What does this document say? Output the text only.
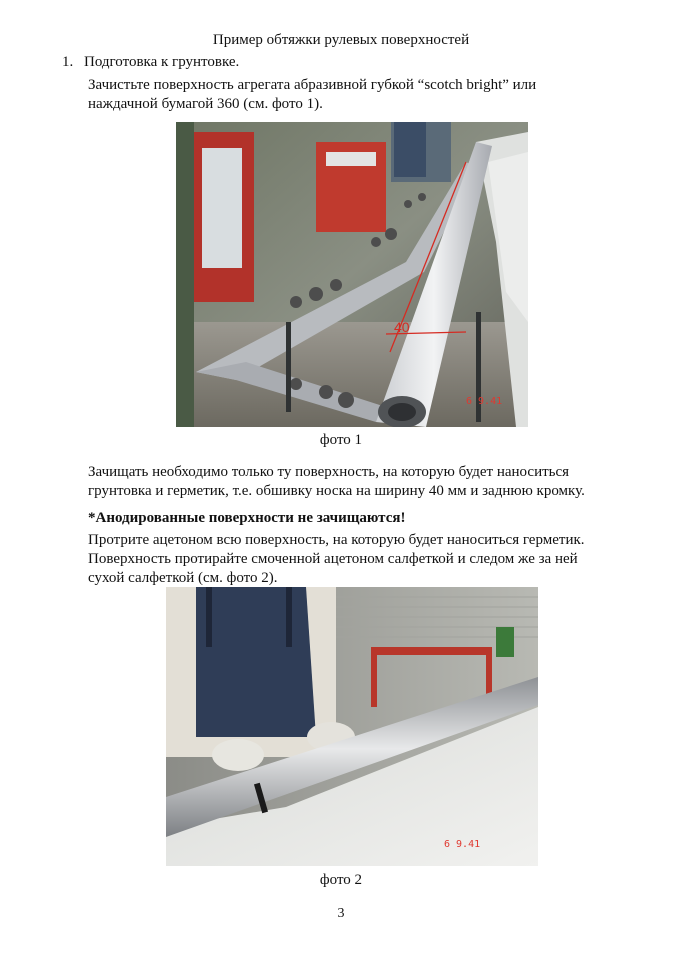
Пример обтяжки рулевых поверхностей
1. Подготовка к грунтовке.
Зачистьте поверхность агрегата абразивной губкой “scotch bright” или
наждачной бумагой 360 (см. фото 1).
40
6 9.41
фото 1
Зачищать необходимо только ту поверхность, на которую будет наноситься
грунтовка и герметик, т.е. обшивку носка на ширину 40 мм и заднюю кромку.
*Анодированные поверхности не зачищаются!
Протрите ацетоном всю поверхность, на которую будет наноситься герметик.
Поверхность протирайте смоченной ацетоном салфеткой и следом же за ней
сухой салфеткой (см. фото 2).
6 9.41
фото 2
3
